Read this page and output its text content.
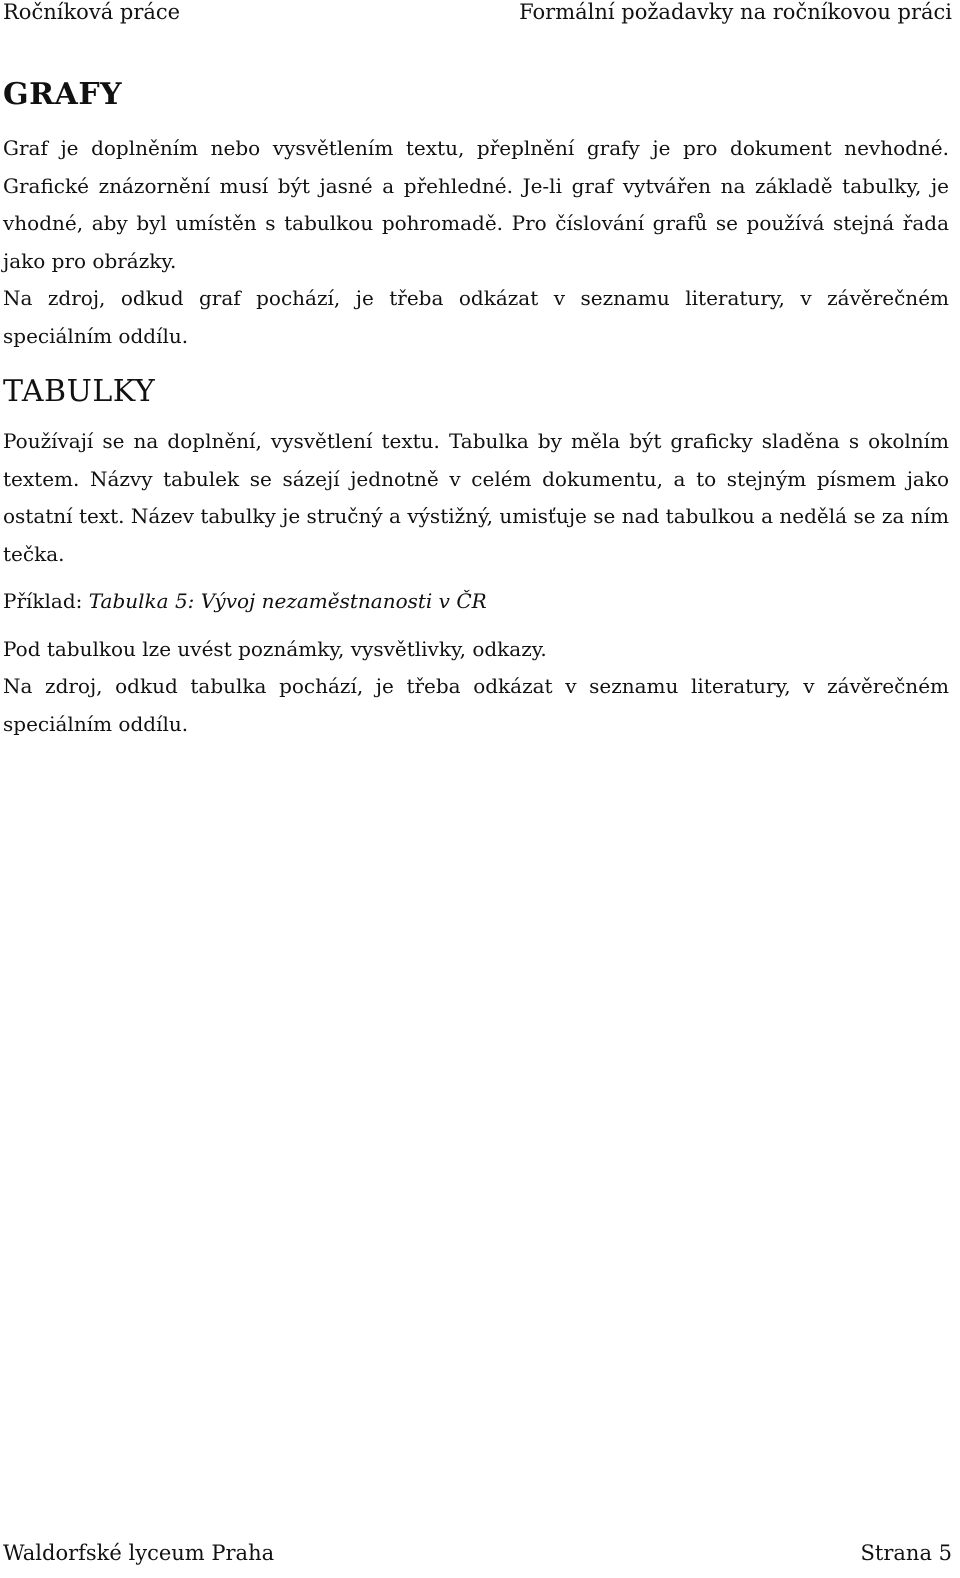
Ročníková práce	Formální požadavky na ročníkovou práci
GRAFY

Graf je doplněním nebo vysvětlením textu, přeplnění grafy je pro dokument nevhodné. Grafické znázornění musí být jasné a přehledné. Je-li graf vytvářen na základě tabulky, je vhodné, aby byl umístěn s tabulkou pohromadě. Pro číslování grafů se používá stejná řada jako pro obrázky.

Na zdroj, odkud graf pochází, je třeba odkázat v seznamu literatury, v závěrečném speciálním oddílu.

TABULKY

Používají se na doplnění, vysvětlení textu. Tabulka by měla být graficky sladěna s okolním textem. Názvy tabulek se sázejí jednotně v celém dokumentu, a to stejným písmem jako ostatní text. Název tabulky je stručný a výstižný, umisťuje se nad tabulkou a nedělá se za ním tečka.

Příklad: Tabulka 5: Vývoj nezaměstnanosti v ČR

Pod tabulkou lze uvést poznámky, vysvětlivky, odkazy.

Na zdroj, odkud tabulka pochází, je třeba odkázat v seznamu literatury, v závěrečném speciálním oddílu.

Waldorfské lyceum Praha	Strana 5
